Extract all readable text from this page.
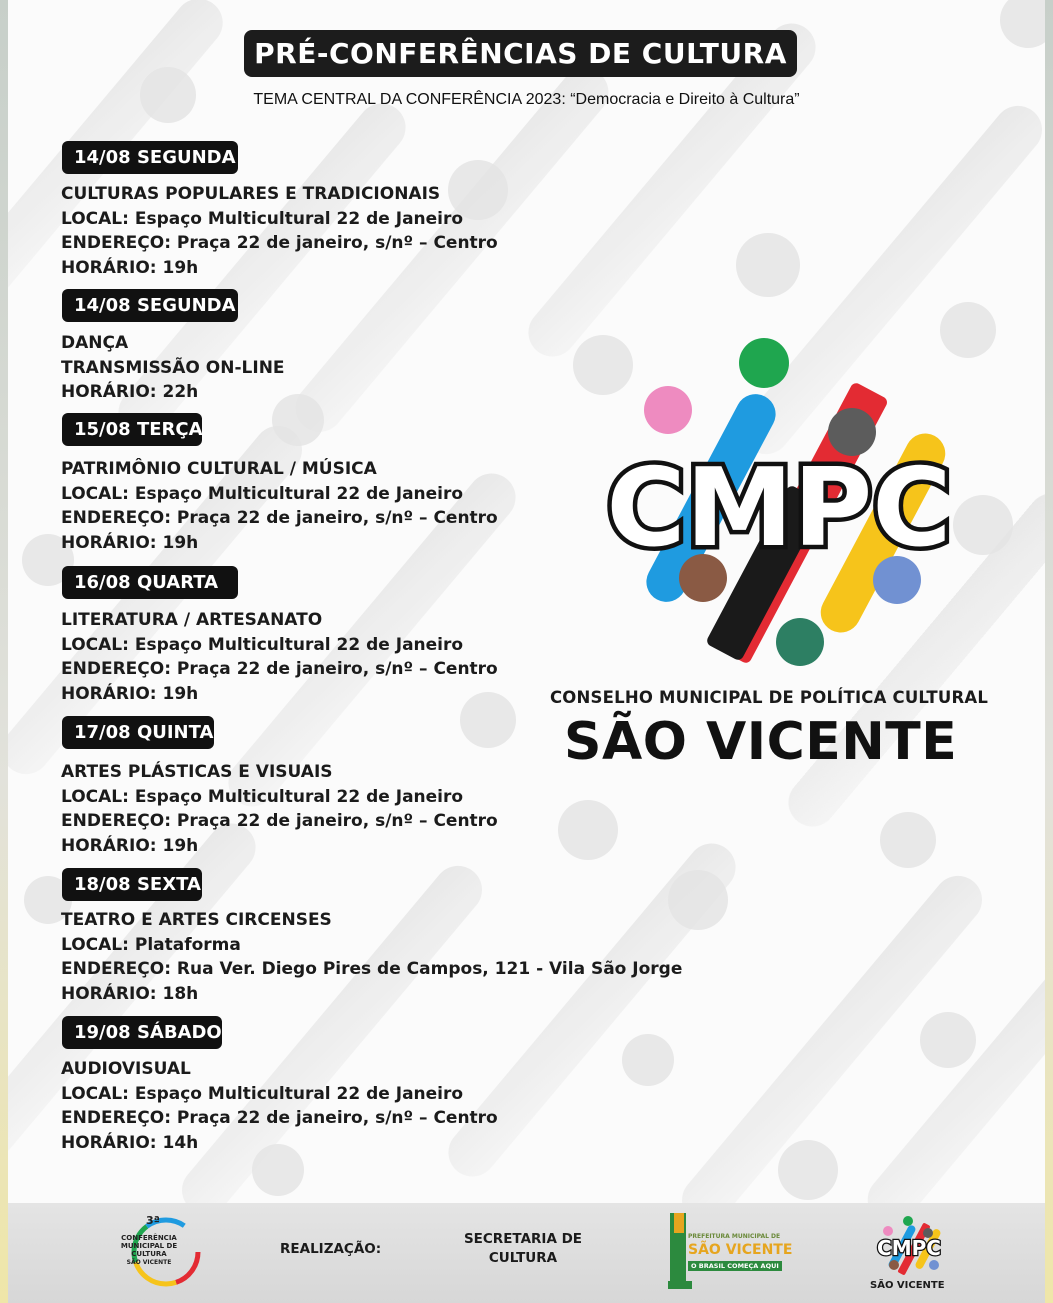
PRÉ-CONFERÊNCIAS DE CULTURA
TEMA CENTRAL DA CONFERÊNCIA 2023: “Democracia e Direito à Cultura”
14/08 SEGUNDA
CULTURAS POPULARES E TRADICIONAIS
LOCAL: Espaço Multicultural 22 de Janeiro
ENDEREÇO: Praça 22 de janeiro, s/nº – Centro
HORÁRIO: 19h
14/08 SEGUNDA
DANÇA
TRANSMISSÃO ON-LINE
HORÁRIO: 22h
15/08 TERÇA
PATRIMÔNIO CULTURAL / MÚSICA
LOCAL: Espaço Multicultural 22 de Janeiro
ENDEREÇO: Praça 22 de janeiro, s/nº – Centro
HORÁRIO: 19h
16/08 QUARTA
LITERATURA / ARTESANATO
LOCAL: Espaço Multicultural 22 de Janeiro
ENDEREÇO: Praça 22 de janeiro, s/nº – Centro
HORÁRIO: 19h
17/08 QUINTA
ARTES PLÁSTICAS E VISUAIS
LOCAL: Espaço Multicultural 22 de Janeiro
ENDEREÇO: Praça 22 de janeiro, s/nº – Centro
HORÁRIO: 19h
18/08 SEXTA
TEATRO E ARTES CIRCENSES
LOCAL: Plataforma
ENDEREÇO: Rua Ver. Diego Pires de Campos, 121 - Vila São Jorge
HORÁRIO: 18h
19/08 SÁBADO
AUDIOVISUAL
LOCAL: Espaço Multicultural 22 de Janeiro
ENDEREÇO: Praça 22 de janeiro, s/nº – Centro
HORÁRIO: 14h
CMPC
CONSELHO MUNICIPAL DE POLÍTICA CULTURAL
SÃO VICENTE
3ª
CONFERÊNCIA MUNICIPAL DE CULTURA
SÃO VICENTE
REALIZAÇÃO:
SECRETARIA DE CULTURA
PREFEITURA MUNICIPAL DE
SÃO VICENTE
O BRASIL COMEÇA AQUI
CMPC
SÃO VICENTE
